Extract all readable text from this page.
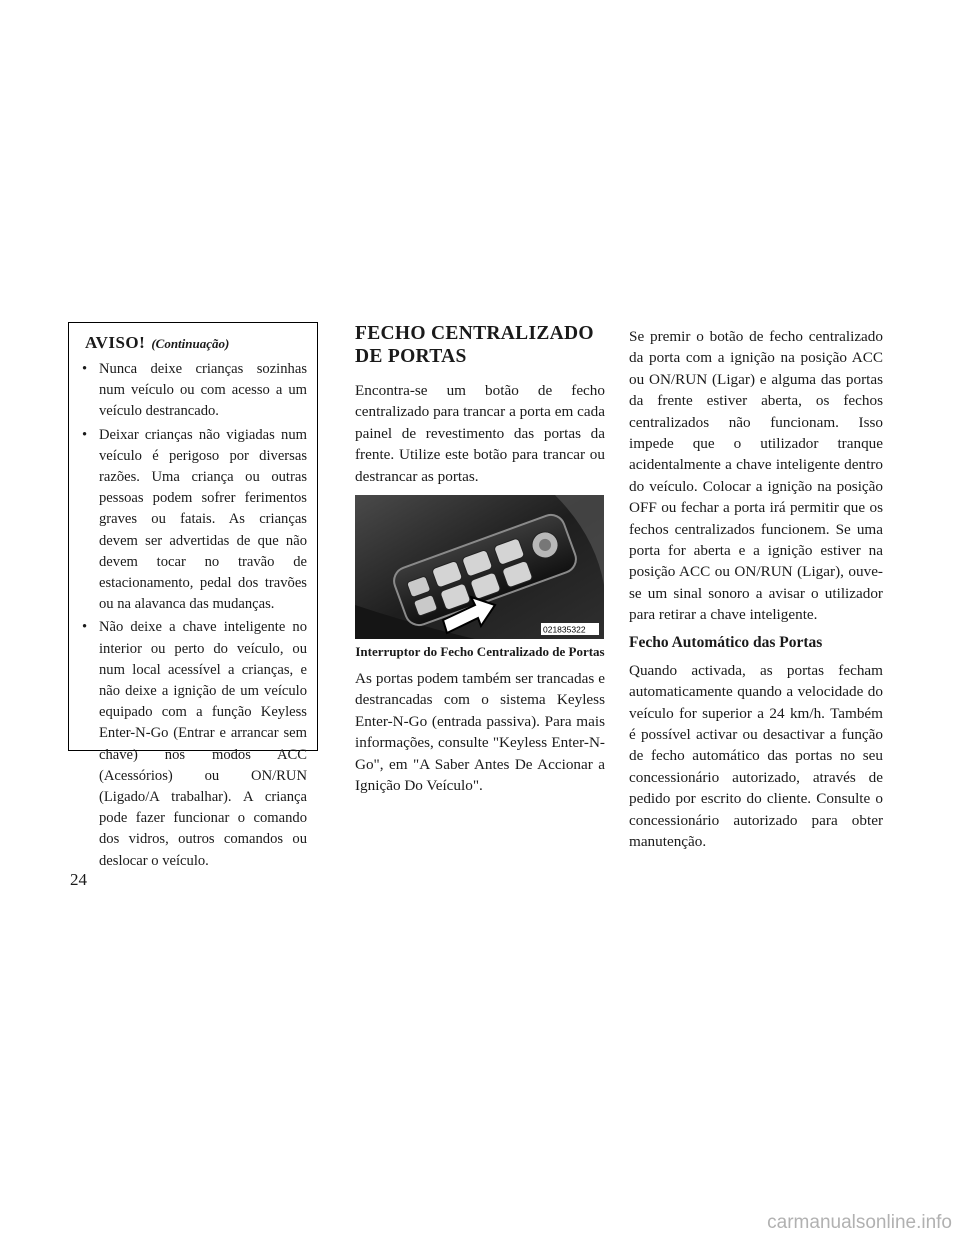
AVISO! (Continuação)
• Nunca deixe crianças sozinhas num veículo ou com acesso a um veículo destrancado.
• Deixar crianças não vigiadas num veículo é perigoso por diversas razões. Uma criança ou outras pessoas podem sofrer ferimentos graves ou fatais. As crianças devem ser advertidas de que não devem tocar no travão de estacionamento, pedal dos travões ou na alavanca das mudanças.
• Não deixe a chave inteligente no interior ou perto do veículo, ou num local acessível a crianças, e não deixe a ignição de um veículo equipado com a função Keyless Enter-N-Go (Entrar e arrancar sem chave) nos modos ACC (Acessórios) ou ON/RUN (Ligado/A trabalhar). A criança pode fazer funcionar o comando dos vidros, outros comandos ou deslocar o veículo.
FECHO CENTRALIZADO
DE PORTAS

Encontra-se um botão de fecho centralizado para trancar a porta em cada painel de revestimento das portas da frente. Utilize este botão para trancar ou destrancar as portas.

021835322
Interruptor do Fecho Centralizado de Portas

As portas podem também ser trancadas e destrancadas com o sistema Keyless Enter-N-Go (entrada passiva). Para mais informações, consulte "Keyless Enter-N-Go", em "A Saber Antes De Accionar a Ignição Do Veículo".

Se premir o botão de fecho centralizado da porta com a ignição na posição ACC ou ON/RUN (Ligar) e alguma das portas da frente estiver aberta, os fechos centralizados não funcionam. Isso impede que o utilizador tranque acidentalmente a chave inteligente dentro do veículo. Colocar a ignição na posição OFF ou fechar a porta irá permitir que os fechos centralizados funcionem. Se uma porta for aberta e a ignição estiver na posição ACC ou ON/RUN (Ligar), ouve-se um sinal sonoro a avisar o utilizador para retirar a chave inteligente.

Fecho Automático das Portas

Quando activada, as portas fecham automaticamente quando a velocidade do veículo for superior a 24 km/h. Também é possível activar ou desactivar a função de fecho automático das portas no seu concessionário autorizado, através de pedido por escrito do cliente. Consulte o concessionário autorizado para obter manutenção.

24
carmanualsonline.info
